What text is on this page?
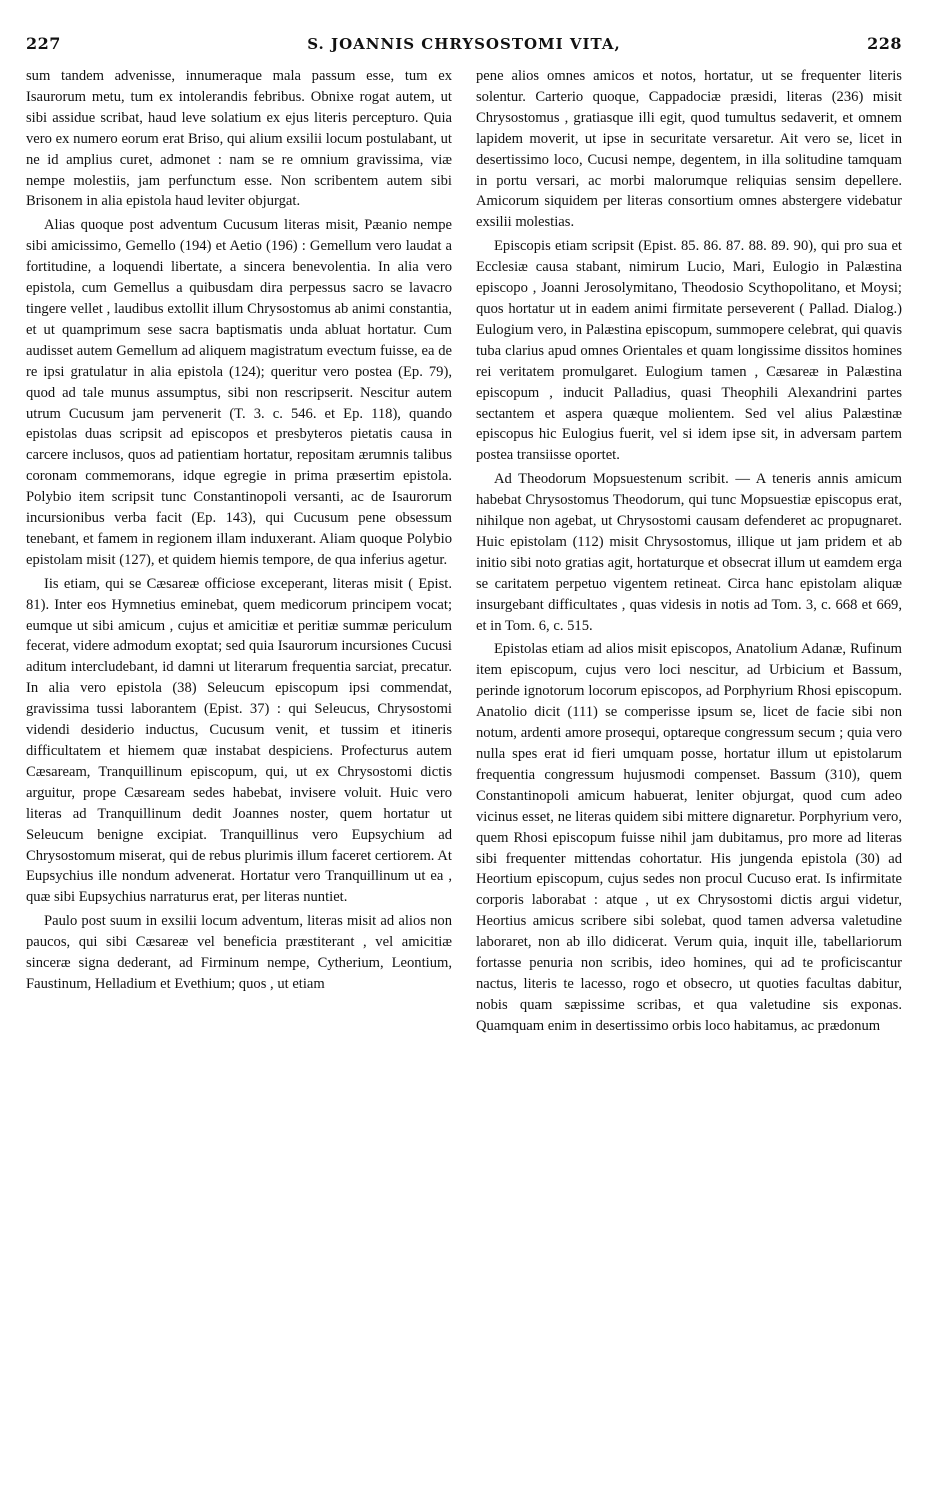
227	S. JOANNIS CHRYSOSTOMI VITA,	228

sum tandem advenisse, innumeraque mala passum esse, tum ex Isaurorum metu, tum ex intolerandis febribus. Obnixe rogat autem, ut sibi assidue scribat, haud leve solatium ex ejus literis percepturo. Quia vero ex numero eorum erat Briso, qui alium exsilii locum postulabant, ut ne id amplius curet, admonet : nam se re omnium gravissima, viæ nempe molestiis, jam perfunctum esse. Non scribentem autem sibi Brisonem in alia epistola haud leviter objurgat.

Alias quoque post adventum Cucusum literas misit, Pæanio nempe sibi amicissimo, Gemello (194) et Aetio (196) : Gemellum vero laudat a fortitudine, a loquendi libertate, a sincera benevolentia. In alia vero epistola, cum Gemellus a quibusdam dira perpessus sacro se lavacro tingere vellet , laudibus extollit illum Chrysostomus ab animi constantia, et ut quamprimum sese sacra baptismatis unda abluat hortatur. Cum audisset autem Gemellum ad aliquem magistratum evectum fuisse, ea de re ipsi gratulatur in alia epistola (124); queritur vero postea (Ep. 79), quod ad tale munus assumptus, sibi non rescripserit. Nescitur autem utrum Cucusum jam pervenerit (T. 3. c. 546. et Ep. 118), quando epistolas duas scripsit ad episcopos et presbyteros pietatis causa in carcere inclusos, quos ad patientiam hortatur, repositam ærumnis talibus coronam commemorans, idque egregie in prima præsertim epistola. Polybio item scripsit tunc Constantinopoli versanti, ac de Isaurorum incursionibus verba facit (Ep. 143), qui Cucusum pene obsessum tenebant, et famem in regionem illam induxerant. Aliam quoque Polybio epistolam misit (127), et quidem hiemis tempore, de qua inferius agetur.

Iis etiam, qui se Cæsareæ officiose exceperant, literas misit ( Epist. 81). Inter eos Hymnetius eminebat, quem medicorum principem vocat; eumque ut sibi amicum , cujus et amicitiæ et peritiæ summæ periculum fecerat, videre admodum exoptat; sed quia Isaurorum incursiones Cucusi aditum intercludebant, id damni ut literarum frequentia sarciat, precatur. In alia vero epistola (38) Seleucum episcopum ipsi commendat, gravissima tussi laborantem (Epist. 37) : qui Seleucus, Chrysostomi videndi desiderio inductus, Cucusum venit, et tussim et itineris difficultatem et hiemem quæ instabat despiciens. Profecturus autem Cæsaream, Tranquillinum episcopum, qui, ut ex Chrysostomi dictis arguitur, prope Cæsaream sedes habebat, invisere voluit. Huic vero literas ad Tranquillinum dedit Joannes noster, quem hortatur ut Seleucum benigne excipiat. Tranquillinus vero Eupsychium ad Chrysostomum miserat, qui de rebus plurimis illum faceret certiorem. At Eupsychius ille nondum advenerat. Hortatur vero Tranquillinum ut ea , quæ sibi Eupsychius narraturus erat, per literas nuntiet.

Paulo post suum in exsilii locum adventum, literas misit ad alios non paucos, qui sibi Cæsareæ vel beneficia præstiterant , vel amicitiæ sinceræ signa dederant, ad Firminum nempe, Cytherium, Leontium, Faustinum, Helladium et Evethium; quos , ut etiam

pene alios omnes amicos et notos, hortatur, ut se frequenter literis solentur. Carterio quoque, Cappadociæ præsidi, literas (236) misit Chrysostomus , gratiasque illi egit, quod tumultus sedaverit, et omnem lapidem moverit, ut ipse in securitate versaretur. Ait vero se, licet in desertissimo loco, Cucusi nempe, degentem, in illa solitudine tamquam in portu versari, ac morbi malorumque reliquias sensim depellere. Amicorum siquidem per literas consortium omnes abstergere videbatur exsilii molestias.

Episcopis etiam scripsit (Epist. 85. 86. 87. 88. 89. 90), qui pro sua et Ecclesiæ causa stabant, nimirum Lucio, Mari, Eulogio in Palæstina episcopo , Joanni Jerosolymitano, Theodosio Scythopolitano, et Moysi; quos hortatur ut in eadem animi firmitate perseverent ( Pallad. Dialog.) Eulogium vero, in Palæstina episcopum, summopere celebrat, qui quavis tuba clarius apud omnes Orientales et quam longissime dissitos homines rei veritatem promulgaret. Eulogium tamen , Cæsareæ in Palæstina episcopum , inducit Palladius, quasi Theophili Alexandrini partes sectantem et aspera quæque molientem. Sed vel alius Palæstinæ episcopus hic Eulogius fuerit, vel si idem ipse sit, in adversam partem postea transiisse oportet.

Ad Theodorum Mopsuestenum scribit. — A teneris annis amicum habebat Chrysostomus Theodorum, qui tunc Mopsuestiæ episcopus erat, nihilque non agebat, ut Chrysostomi causam defenderet ac propugnaret. Huic epistolam (112) misit Chrysostomus, illique ut jam pridem et ab initio sibi noto gratias agit, hortaturque et obsecrat illum ut eamdem erga se caritatem perpetuo vigentem retineat. Circa hanc epistolam aliquæ insurgebant difficultates , quas videsis in notis ad Tom. 3, c. 668 et 669, et in Tom. 6, c. 515.

Epistolas etiam ad alios misit episcopos, Anatolium Adanæ, Rufinum item episcopum, cujus vero loci nescitur, ad Urbicium et Bassum, perinde ignotorum locorum episcopos, ad Porphyrium Rhosi episcopum. Anatolio dicit (111) se comperisse ipsum se, licet de facie sibi non notum, ardenti amore prosequi, optareque congressum secum ; quia vero nulla spes erat id fieri umquam posse, hortatur illum ut epistolarum frequentia congressum hujusmodi compenset. Bassum (310), quem Constantinopoli amicum habuerat, leniter objurgat, quod cum adeo vicinus esset, ne literas quidem sibi mittere dignaretur. Porphyrium vero, quem Rhosi episcopum fuisse nihil jam dubitamus, pro more ad literas sibi frequenter mittendas cohortatur. His jungenda epistola (30) ad Heortium episcopum, cujus sedes non procul Cucuso erat. Is infirmitate corporis laborabat : atque , ut ex Chrysostomi dictis argui videtur, Heortius amicus scribere sibi solebat, quod tamen adversa valetudine laboraret, non ab illo didicerat. Verum quia, inquit ille, tabellariorum fortasse penuria non scribis, ideo homines, qui ad te proficiscantur nactus, literis te lacesso, rogo et obsecro, ut quoties facultas dabitur, nobis quam sæpissime scribas, et qua valetudine sis exponas. Quamquam enim in desertissimo orbis loco habitamus, ac prædonum
